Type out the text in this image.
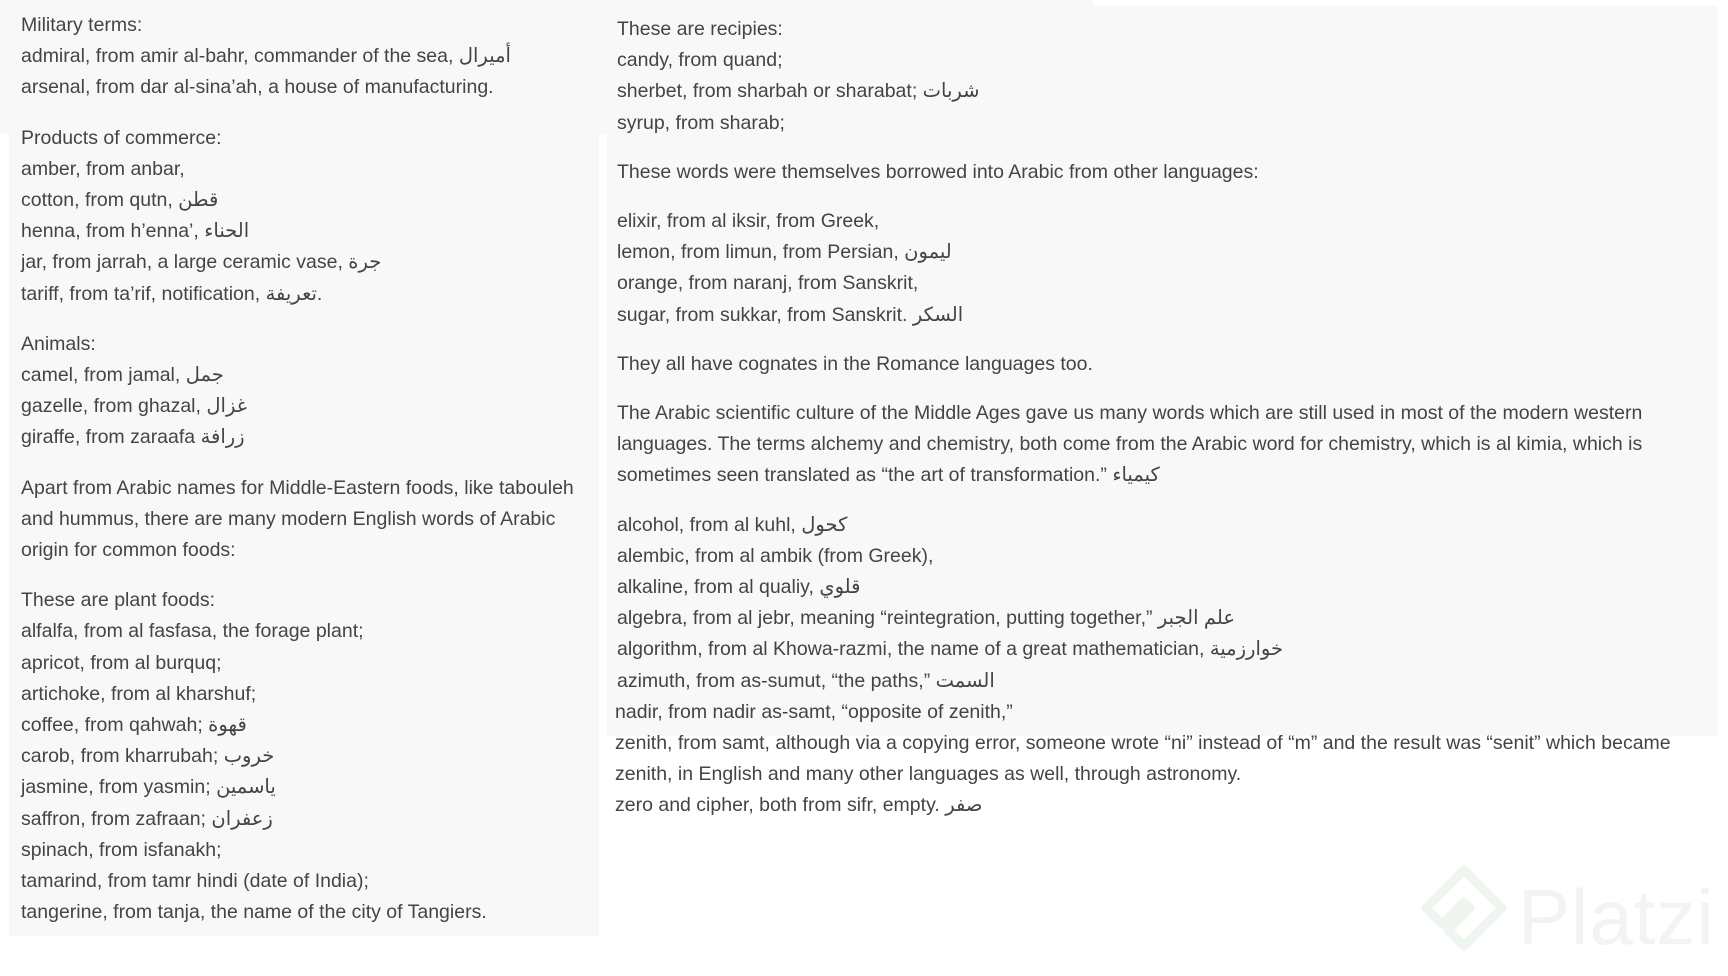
Military terms:

admiral, from amir al-bahr, commander of the sea, أميرال

arsenal, from dar al-sina’ah, a house of manufacturing.

Products of commerce:

amber, from anbar,

cotton, from qutn, قطن

henna, from h’enna’, الحناء

jar, from jarrah, a large ceramic vase, جرة

tariff, from ta’rif, notification, تعريفة.

Animals:

camel, from jamal, جمل

gazelle, from ghazal, غزال

giraffe, from zaraafa زرافة

Apart from Arabic names for Middle-Eastern foods, like tabouleh and hummus, there are many modern English words of Arabic origin for common foods:

These are plant foods:

alfalfa, from al fasfasa, the forage plant;

apricot, from al burquq;

artichoke, from al kharshuf;

coffee, from qahwah; قهوة

carob, from kharrubah; خروب

jasmine, from yasmin; ياسمين

saffron, from zafraan; زعفران

spinach, from isfanakh;

tamarind, from tamr hindi (date of India);

tangerine, from tanja, the name of the city of Tangiers.

These are recipies:

candy, from quand;

sherbet, from sharbah or sharabat; شربات

syrup, from sharab;

These words were themselves borrowed into Arabic from other languages:

elixir, from al iksir, from Greek,

lemon, from limun, from Persian, ليمون

orange, from naranj, from Sanskrit,

sugar, from sukkar, from Sanskrit. السكر

They all have cognates in the Romance languages too.

The Arabic scientific culture of the Middle Ages gave us many words which are still used in most of the modern western languages. The terms alchemy and chemistry, both come from the Arabic word for chemistry, which is al kimia, which is sometimes seen translated as “the art of transformation.” كيمياء

alcohol, from al kuhl, كحول

alembic, from al ambik (from Greek),

alkaline, from al qualiy, قلوي

algebra, from al jebr, meaning “reintegration, putting together,” علم الجبر

algorithm, from al Khowa-razmi, the name of a great mathematician, خوارزمية

azimuth, from as-sumut, “the paths,” السمت

nadir, from nadir as-samt, “opposite of zenith,”

zenith, from samt, although via a copying error, someone wrote “ni” instead of “m” and the result was “senit” which became

zenith, in English and many other languages as well, through astronomy.

zero and cipher, both from sifr, empty. صفر

Platzi
